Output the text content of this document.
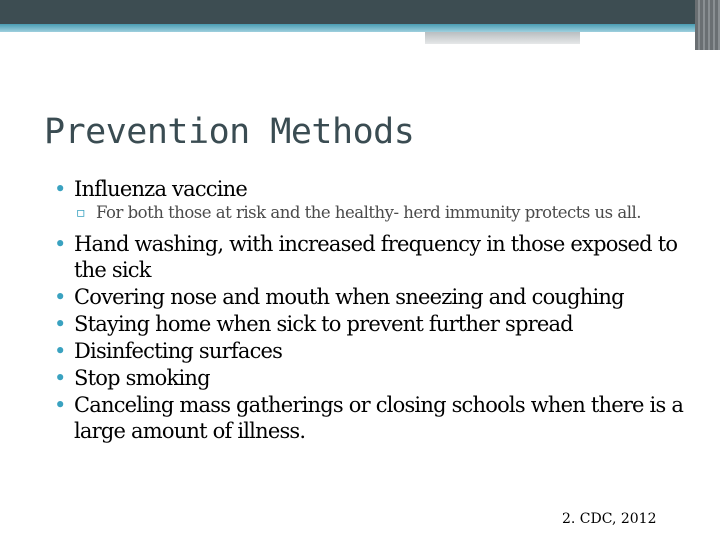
Prevention Methods
• Influenza vaccine
▫ For both those at risk and the healthy- herd immunity protects us all.
• Hand washing, with increased frequency in those exposed to the sick
• Covering nose and mouth when sneezing and coughing
• Staying home when sick to prevent further spread
• Disinfecting surfaces
• Stop smoking
• Canceling mass gatherings or closing schools when there is a large amount of illness.
2. CDC, 2012
